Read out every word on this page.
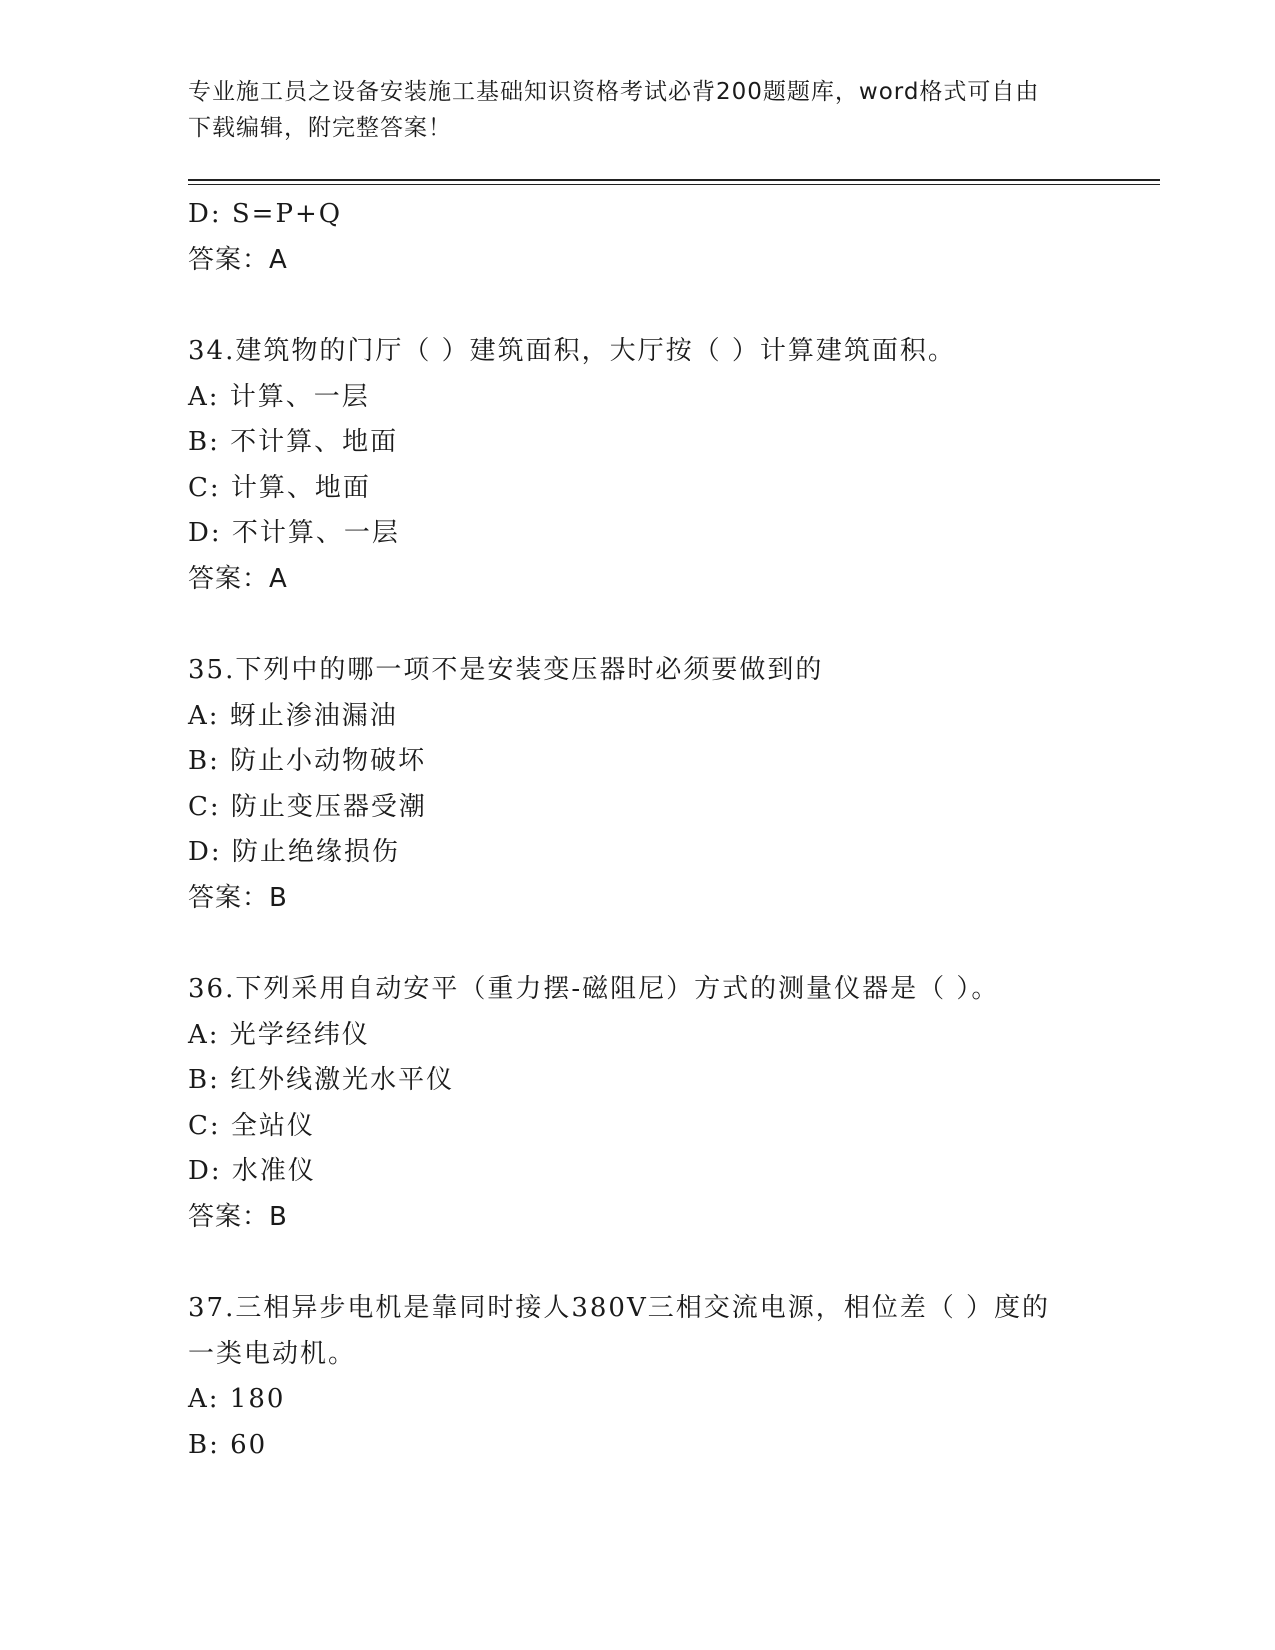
专业施工员之设备安装施工基础知识资格考试必背200题题库，word格式可自由
下载编辑，附完整答案！
D: S=P+Q
答案：A
34.建筑物的门厅（ ）建筑面积，大厅按（ ）计算建筑面积。
A: 计算、一层
B: 不计算、地面
C: 计算、地面
D: 不计算、一层
答案：A
35.下列中的哪一项不是安装变压器时必须要做到的
A: 蚜止渗油漏油
B: 防止小动物破坏
C: 防止变压器受潮
D: 防止绝缘损伤
答案：B
36.下列采用自动安平（重力摆-磁阻尼）方式的测量仪器是（ ）。
A: 光学经纬仪
B: 红外线激光水平仪
C: 全站仪
D: 水准仪
答案：B
37.三相异步电机是靠同时接人380V三相交流电源，相位差（ ）度的
一类电动机。
A: 180
B: 60
